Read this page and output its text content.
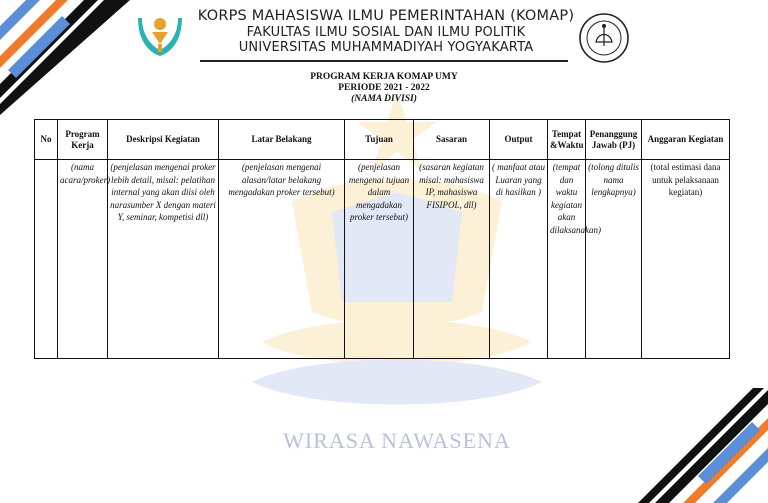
KORPS MAHASISWA ILMU PEMERINTAHAN (KOMAP)
FAKULTAS ILMU SOSIAL DAN ILMU POLITIK
UNIVERSITAS MUHAMMADIYAH YOGYAKARTA
WIRASA NAWASENA
PROGRAM KERJA KOMAP UMY
PERIODE 2021 - 2022
(NAMA DIVISI)
No	Program Kerja	Deskripsi Kegiatan	Latar Belakang	Tujuan	Sasaran	Output	Tempat &Waktu	Penanggung Jawab (PJ)	Anggaran Kegiatan
	(nama acara/proker)	(penjelasan mengenai proker lebih detail, misal: pelatihan internal yang akan diisi oleh narasumber X dengan materi Y, seminar, kompetisi dll)	(penjelasan mengenai alasan/latar belakang mengadakan proker tersebut)	(penjelasan mengenai tujuan dalam mengadakan proker tersebut)	(sasaran kegiatan misal: mahasiswa IP, mahasiswa FISIPOL, dll)	( manfaat atau Luaran yang di hasilkan )	(tempat dan waktu kegiatan akan dilaksanakan)	(tolong ditulis nama lengkapnya)	(total estimasi dana untuk pelaksanaan kegiatan)
